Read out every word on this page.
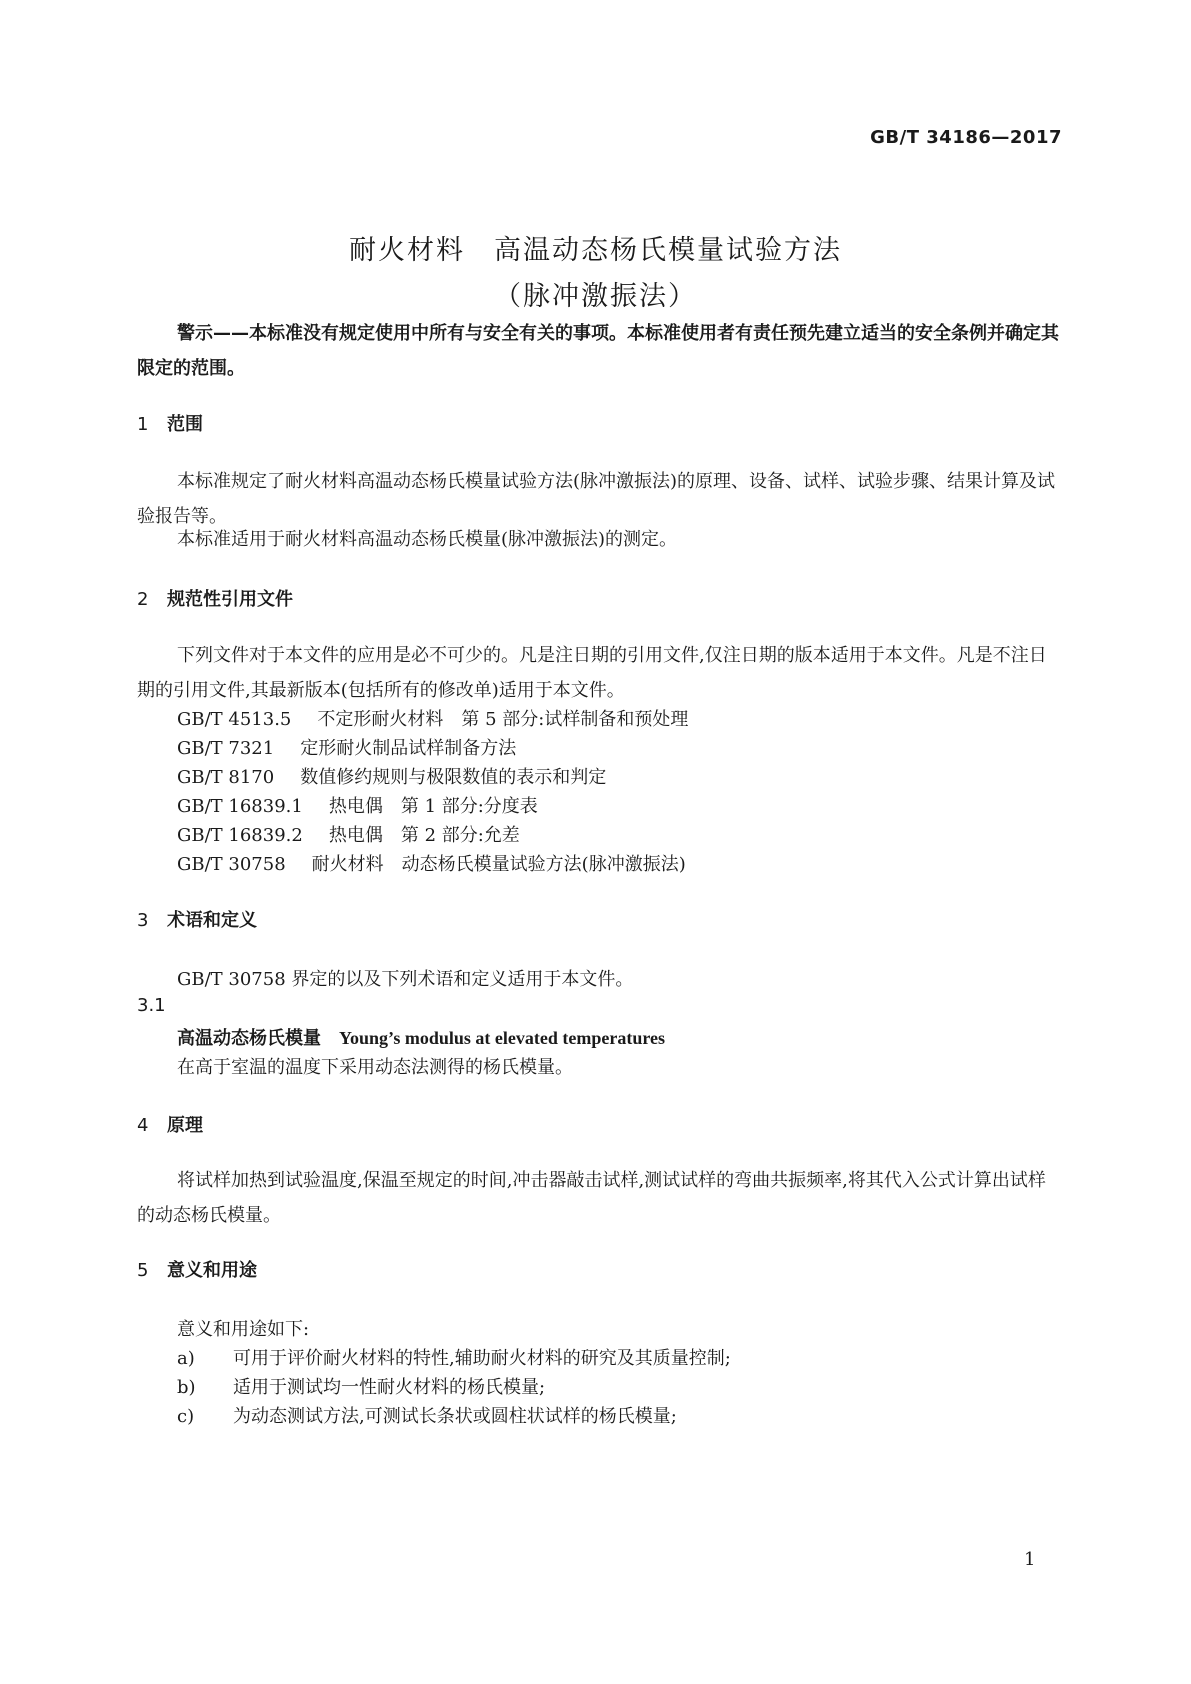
GB/T 34186—2017
耐火材料　高温动态杨氏模量试验方法
（脉冲激振法）
警示——本标准没有规定使用中所有与安全有关的事项。本标准使用者有责任预先建立适当的安全条例并确定其限定的范围。
1 范围
本标准规定了耐火材料高温动态杨氏模量试验方法(脉冲激振法)的原理、设备、试样、试验步骤、结果计算及试验报告等。
本标准适用于耐火材料高温动态杨氏模量(脉冲激振法)的测定。
2 规范性引用文件
下列文件对于本文件的应用是必不可少的。凡是注日期的引用文件,仅注日期的版本适用于本文件。凡是不注日期的引用文件,其最新版本(包括所有的修改单)适用于本文件。
GB/T 4513.5 不定形耐火材料　第 5 部分:试样制备和预处理
GB/T 7321 定形耐火制品试样制备方法
GB/T 8170 数值修约规则与极限数值的表示和判定
GB/T 16839.1 热电偶　第 1 部分:分度表
GB/T 16839.2 热电偶　第 2 部分:允差
GB/T 30758 耐火材料　动态杨氏模量试验方法(脉冲激振法)
3 术语和定义
GB/T 30758 界定的以及下列术语和定义适用于本文件。
3.1
高温动态杨氏模量 Young’s modulus at elevated temperatures
在高于室温的温度下采用动态法测得的杨氏模量。
4 原理
将试样加热到试验温度,保温至规定的时间,冲击器敲击试样,测试试样的弯曲共振频率,将其代入公式计算出试样的动态杨氏模量。
5 意义和用途
意义和用途如下:
a) 可用于评价耐火材料的特性,辅助耐火材料的研究及其质量控制;
b) 适用于测试均一性耐火材料的杨氏模量;
c) 为动态测试方法,可测试长条状或圆柱状试样的杨氏模量;
1
